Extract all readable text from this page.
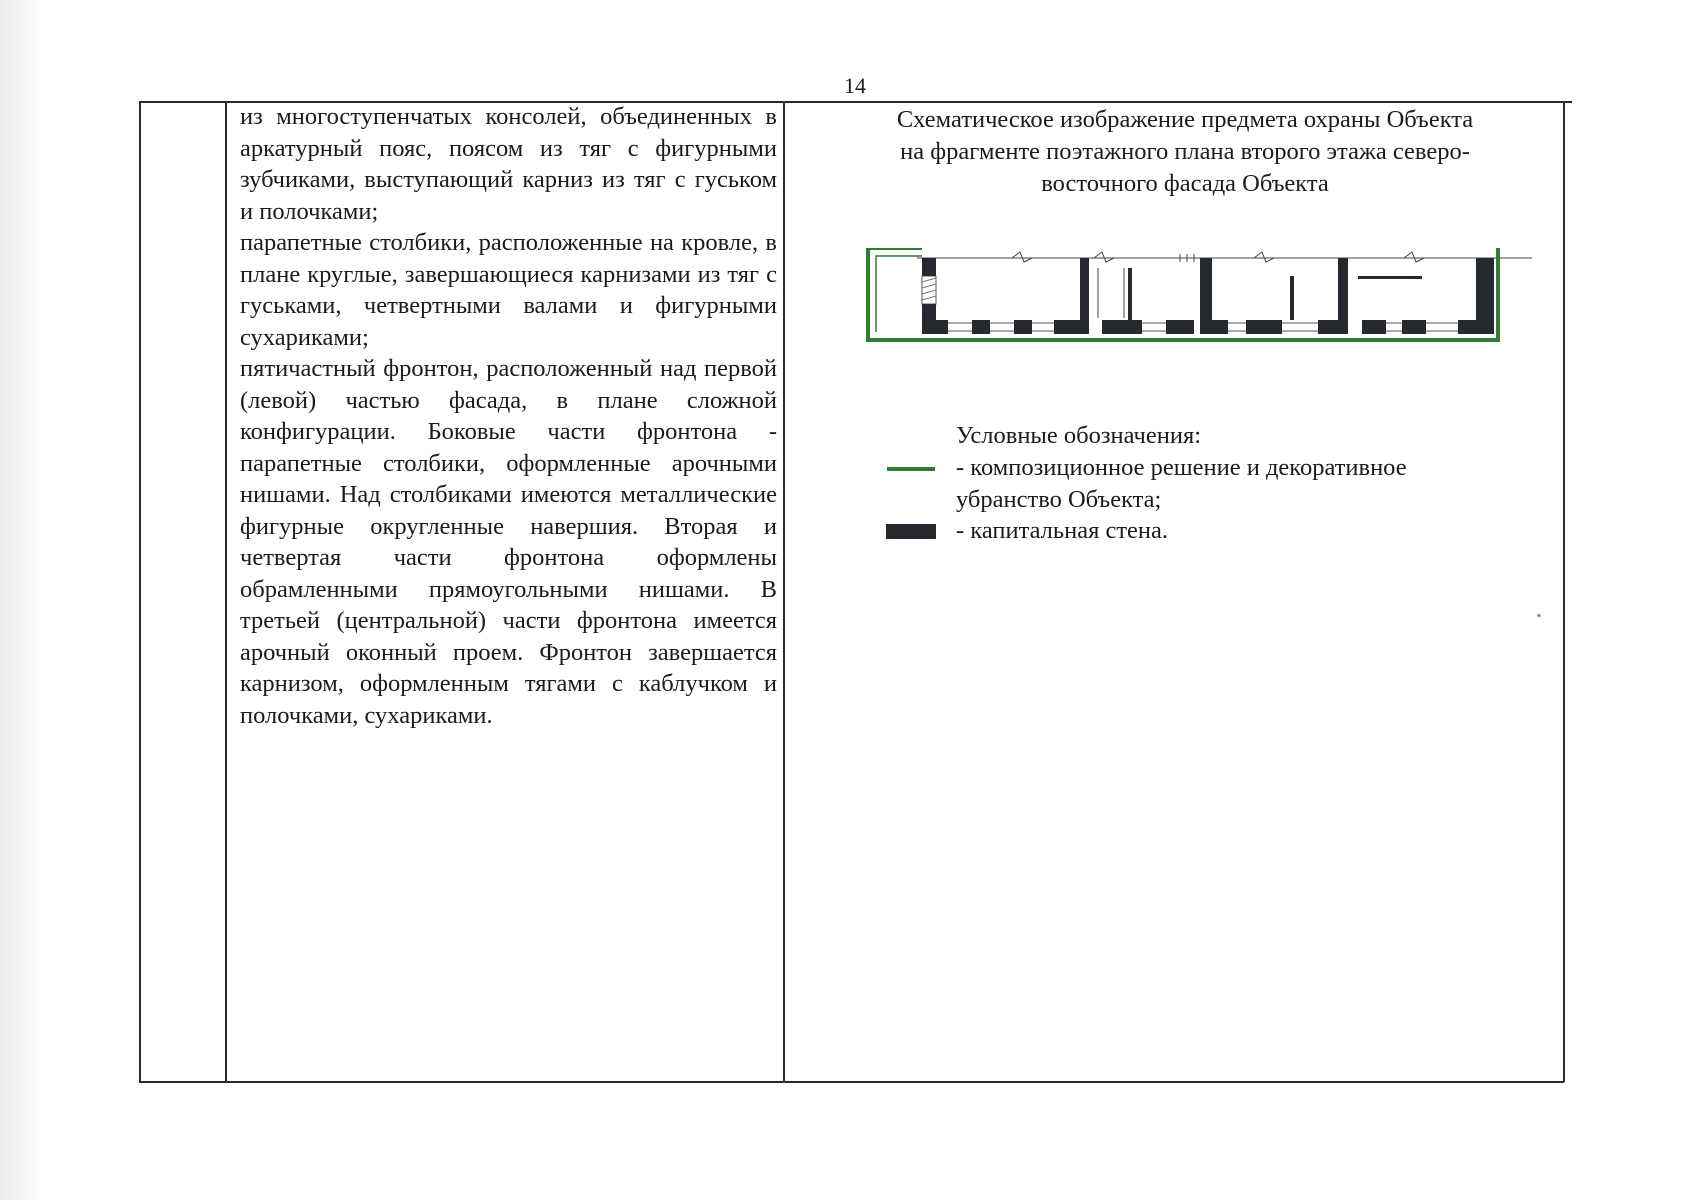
14

из многоступенчатых консолей, объединенных в аркатурный пояс, поясом из тяг с фигурными зубчиками, выступающий карниз из тяг с гуськом и полочками;

парапетные столбики, расположенные на кровле, в плане круглые, завершающиеся карнизами из тяг с гуськами, четвертными валами и фигурными сухариками;

пятичастный фронтон, расположенный над первой (левой) частью фасада, в плане сложной конфигурации. Боковые части фронтона - парапетные столбики, оформленные арочными нишами. Над столбиками имеются металлические фигурные округленные навершия. Вторая и четвертая части фронтона оформлены обрамленными прямоугольными нишами. В третьей (центральной) части фронтона имеется арочный оконный проем. Фронтон завершается карнизом, оформленным тягами с каблучком и полочками, сухариками.

Схематическое изображение предмета охраны Объекта
на фрагменте поэтажного плана второго этажа северо-
восточного фасада Объекта
Условные обозначения:
- композиционное решение и декоративное убранство Объекта;
- капитальная стена.
